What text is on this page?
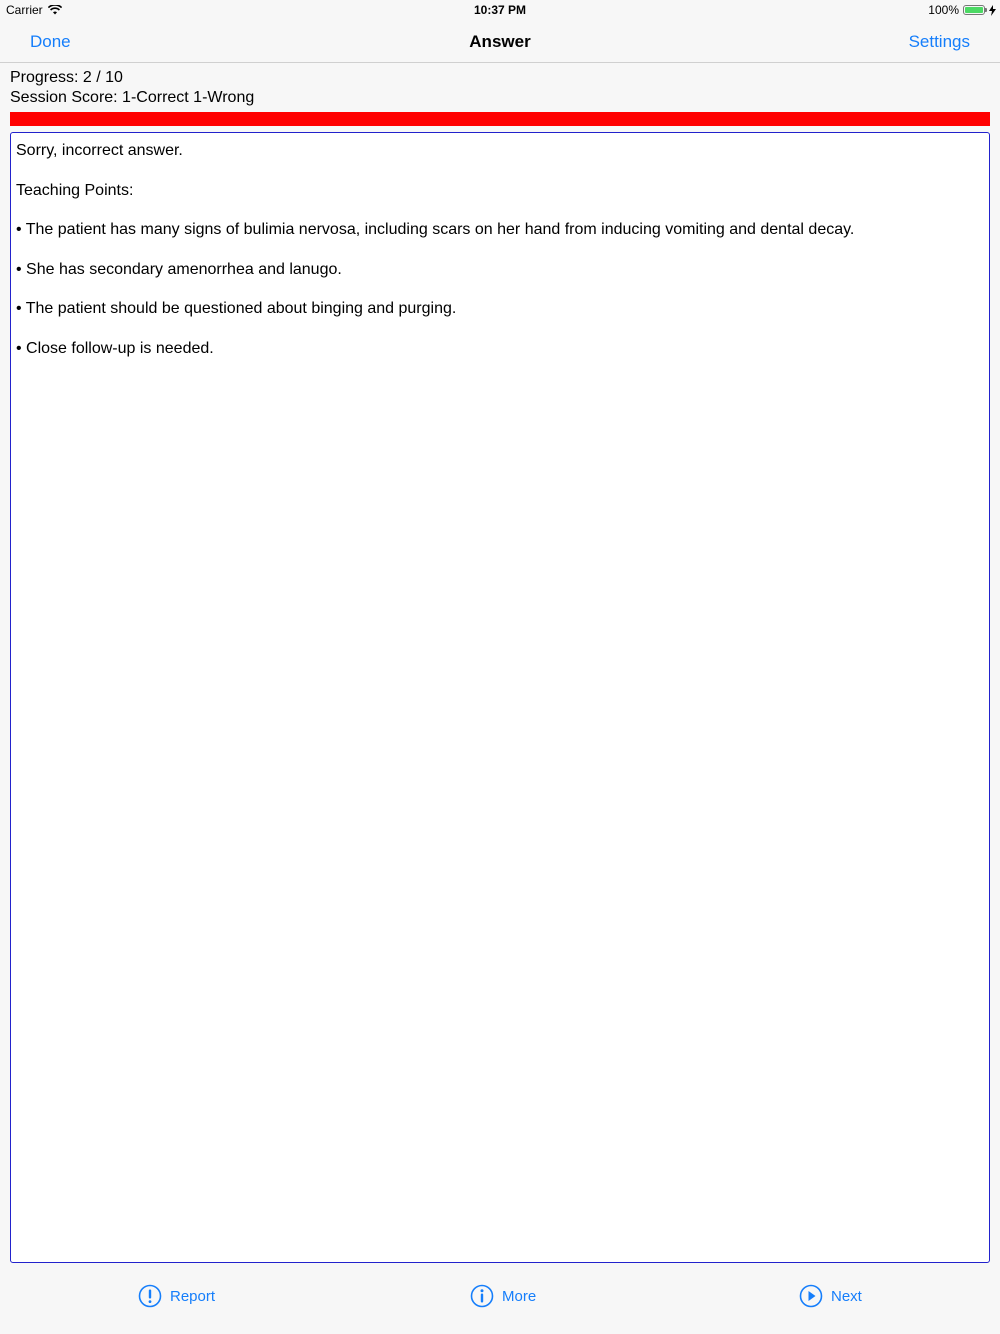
Carrier	10:37 PM	100%
Done	Answer	Settings
Progress: 2 / 10
Session Score: 1-Correct 1-Wrong

Sorry, incorrect answer.

Teaching Points:

• The patient has many signs of bulimia nervosa, including scars on her hand from inducing vomiting and dental decay.

• She has secondary amenorrhea and lanugo.

• The patient should be questioned about binging and purging.

• Close follow-up is needed.

Report	More	Next
